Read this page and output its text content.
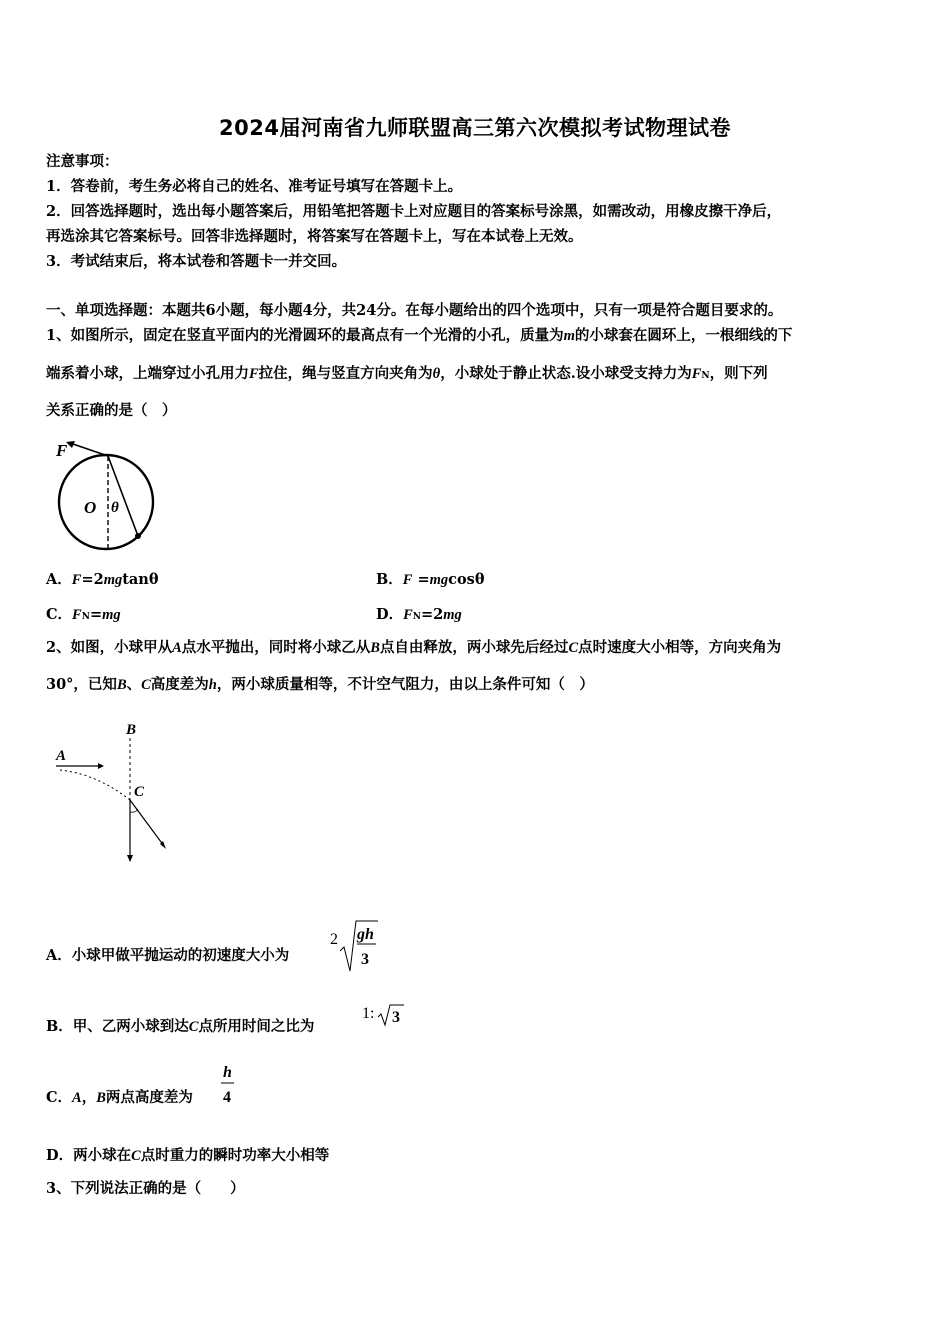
2024届河南省九师联盟高三第六次模拟考试物理试卷
注意事项：
1．答卷前，考生务必将自己的姓名、准考证号填写在答题卡上。
2．回答选择题时，选出每小题答案后，用铅笔把答题卡上对应题目的答案标号涂黑，如需改动，用橡皮擦干净后，
再选涂其它答案标号。回答非选择题时，将答案写在答题卡上，写在本试卷上无效。
3．考试结束后，将本试卷和答题卡一并交回。
一、单项选择题：本题共6小题，每小题4分，共24分。在每小题给出的四个选项中，只有一项是符合题目要求的。
1、如图所示，固定在竖直平面内的光滑圆环的最高点有一个光滑的小孔，质量为m的小球套在圆环上，一根细线的下
端系着小球，上端穿过小孔用力F拉住，绳与竖直方向夹角为θ，小球处于静止状态.设小球受支持力为FN，则下列
关系正确的是（　）
F
O θ
A．F=2mgtanθ	B．F =mgcosθ
C．FN=mg	D．FN=2mg
2、如图，小球甲从A点水平抛出，同时将小球乙从B点自由释放，两小球先后经过C点时速度大小相等，方向夹角为
30°，已知B、C高度差为h，两小球质量相等，不计空气阻力，由以上条件可知（　）
B
A
C
A．小球甲做平抛运动的初速度大小为
2 gh
3
B．甲、乙两小球到达C点所用时间之比为
1: 3
C．A，B两点高度差为
h
4
D．两小球在C点时重力的瞬时功率大小相等
3、下列说法正确的是（　　）
